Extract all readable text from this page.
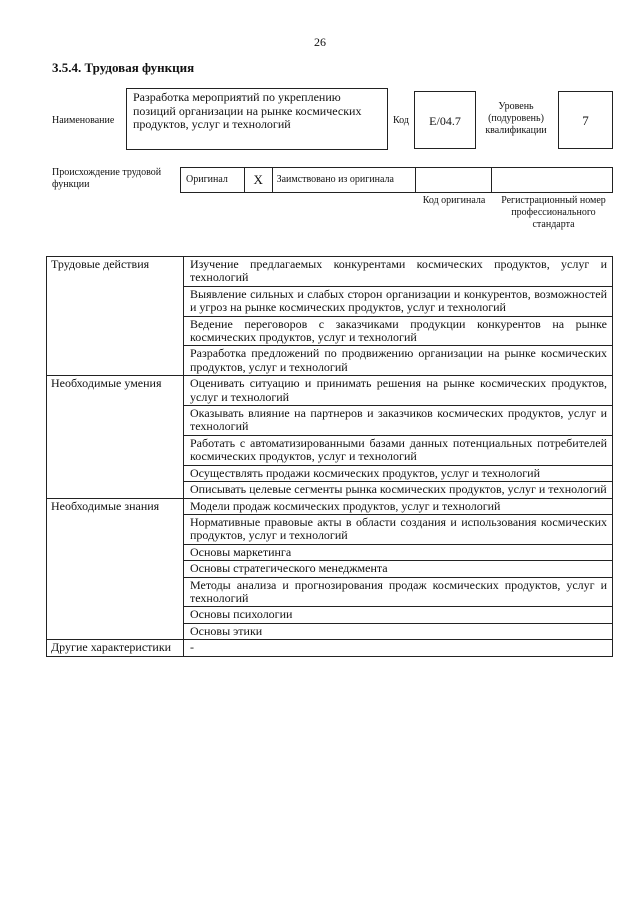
26
3.5.4. Трудовая функция
Наименование
Разработка мероприятий по укреплению позиций организации на рынке космических продуктов, услуг и технологий	Код	E/04.7
Уровень (подуровень) квалификации
7
Происхождение трудовой функции	Оригинал	X	Заимствовано из оригинала
Код оригинала	Регистрационный номер профессионального стандарта
Трудовые действия	Изучение предлагаемых конкурентами космических продуктов, услуг и технологий
	Выявление сильных и слабых сторон организации и конкурентов, возможностей и угроз на рынке космических продуктов, услуг и технологий
	Ведение переговоров с заказчиками продукции конкурентов на рынке космических продуктов, услуг и технологий
	Разработка предложений по продвижению организации на рынке космических продуктов, услуг и технологий
Необходимые умения	Оценивать ситуацию и принимать решения на рынке космических продуктов, услуг и технологий
	Оказывать влияние на партнеров и заказчиков космических продуктов, услуг и технологий
	Работать с автоматизированными базами данных потенциальных потребителей космических продуктов, услуг и технологий
	Осуществлять продажи космических продуктов, услуг и технологий
	Описывать целевые сегменты рынка космических продуктов, услуг и технологий
Необходимые знания	Модели продаж космических продуктов, услуг и технологий
	Нормативные правовые акты в области создания и использования космических продуктов, услуг и технологий
	Основы маркетинга
	Основы стратегического менеджмента
	Методы анализа и прогнозирования продаж космических продуктов, услуг и технологий
	Основы психологии
	Основы этики
Другие характеристики	-
